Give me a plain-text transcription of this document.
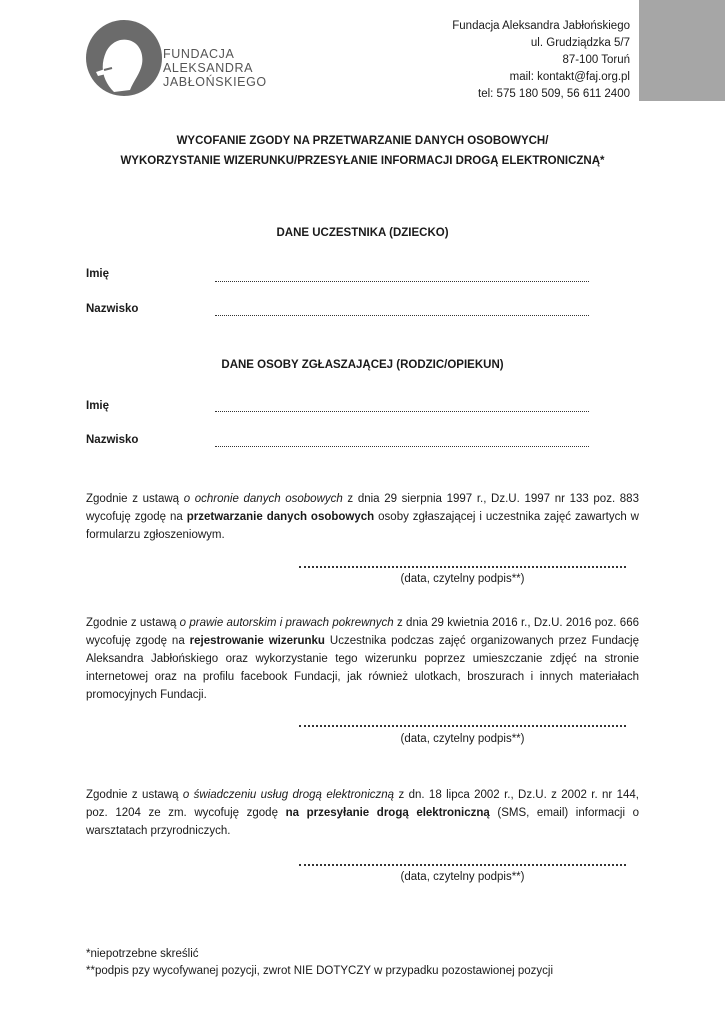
FUNDACJA
ALEKSANDRA
JABŁOŃSKIEGO
Fundacja Aleksandra Jabłońskiego
ul. Grudziądzka 5/7
87-100 Toruń
mail: kontakt@faj.org.pl
tel: 575 180 509, 56 611 2400
WYCOFANIE ZGODY NA PRZETWARZANIE DANYCH OSOBOWYCH/
WYKORZYSTANIE WIZERUNKU/PRZESYŁANIE INFORMACJI DROGĄ ELEKTRONICZNĄ*
DANE UCZESTNIKA (DZIECKO)
Imię
Nazwisko
DANE OSOBY ZGŁASZAJĄCEJ (RODZIC/OPIEKUN)
Imię
Nazwisko
Zgodnie z ustawą o ochronie danych osobowych z dnia 29 sierpnia 1997 r., Dz.U. 1997 nr 133 poz. 883 wycofuję zgodę na przetwarzanie danych osobowych osoby zgłaszającej i uczestnika zajęć zawartych w formularzu zgłoszeniowym.
(data, czytelny podpis**)
Zgodnie z ustawą o prawie autorskim i prawach pokrewnych z dnia 29 kwietnia 2016 r., Dz.U. 2016 poz. 666 wycofuję zgodę na rejestrowanie wizerunku Uczestnika podczas zajęć organizowanych przez Fundację Aleksandra Jabłońskiego oraz wykorzystanie tego wizerunku poprzez umieszczanie zdjęć na stronie internetowej oraz na profilu facebook Fundacji, jak również ulotkach, broszurach i innych materiałach promocyjnych Fundacji.
(data, czytelny podpis**)
Zgodnie z ustawą o świadczeniu usług drogą elektroniczną z dn. 18 lipca 2002 r., Dz.U. z 2002 r. nr 144, poz. 1204 ze zm. wycofuję zgodę na przesyłanie drogą elektroniczną (SMS, email) informacji o warsztatach przyrodniczych.
(data, czytelny podpis**)
*niepotrzebne skreślić
**podpis pzy wycofywanej pozycji, zwrot NIE DOTYCZY w przypadku pozostawionej pozycji
